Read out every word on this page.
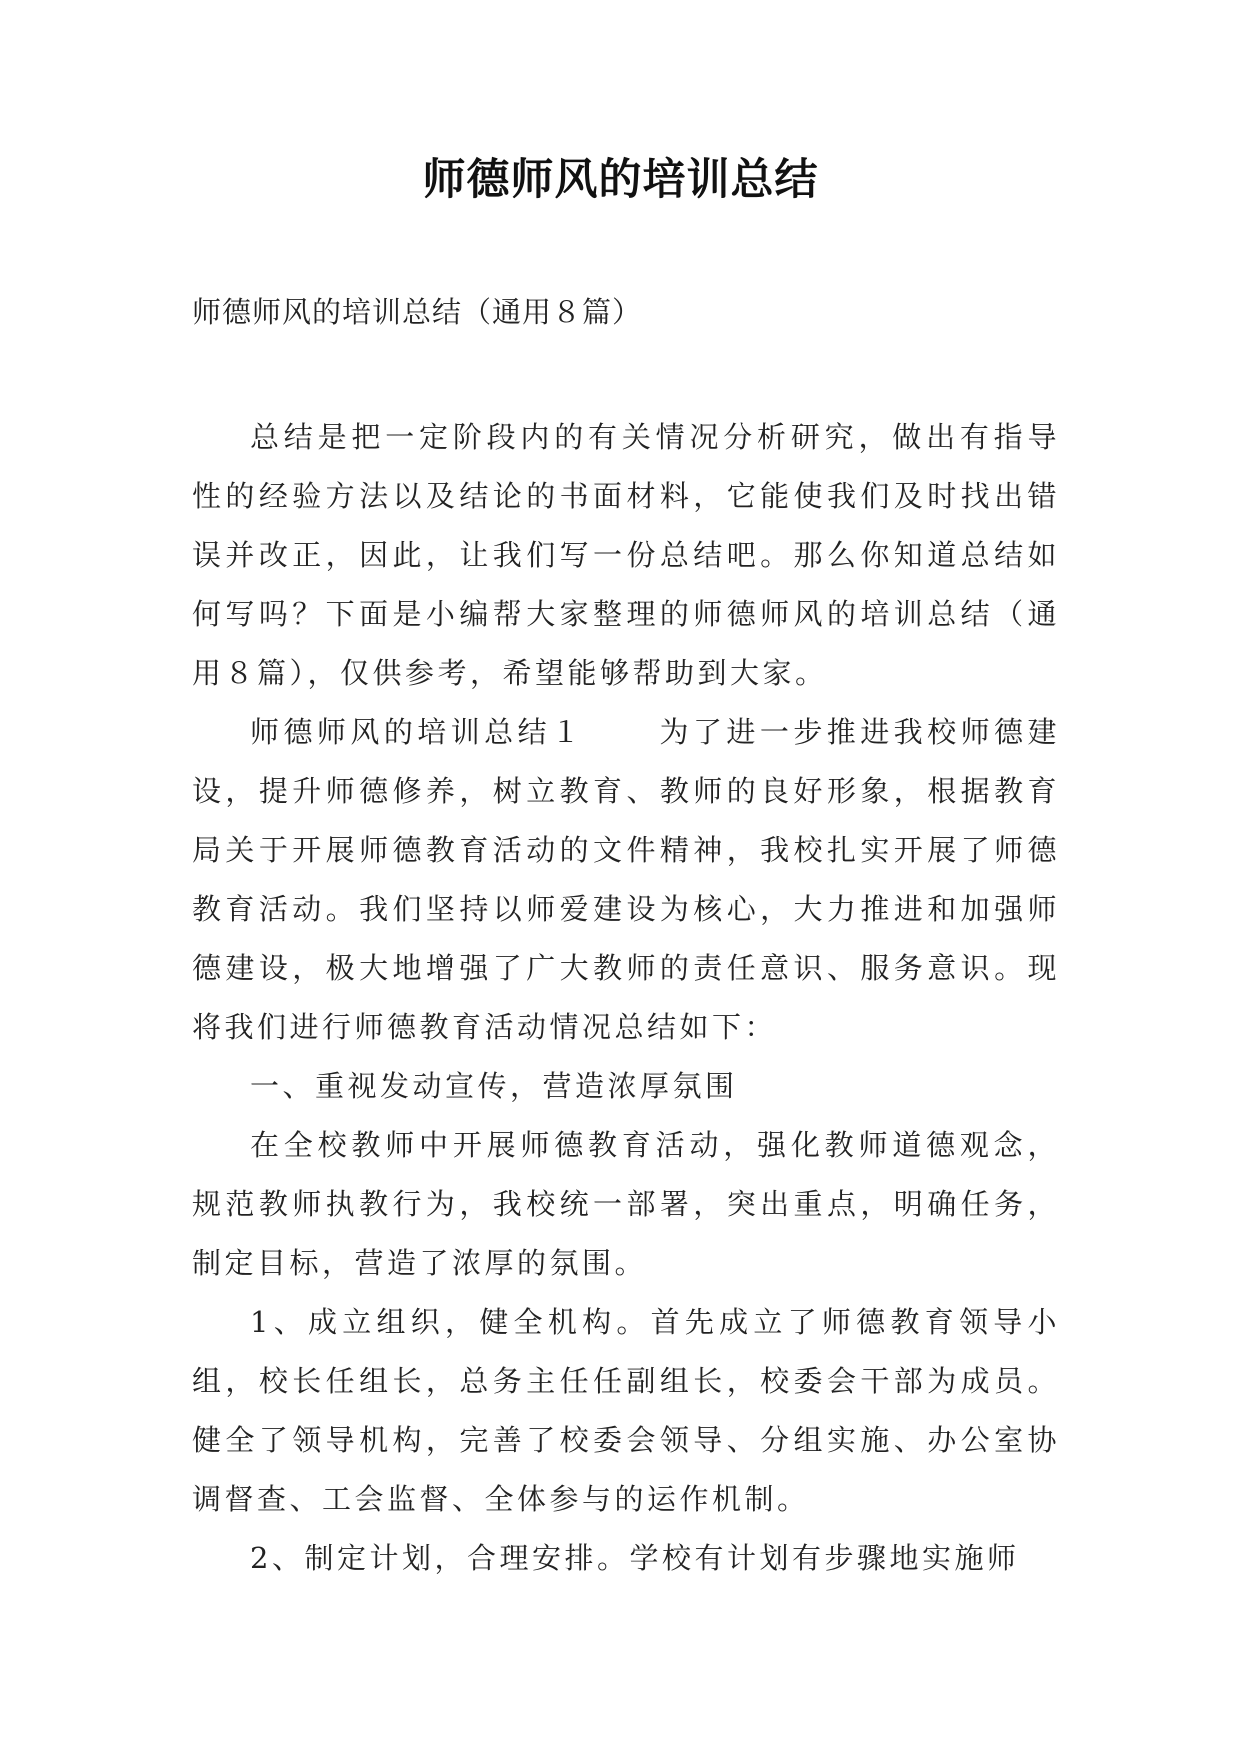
师德师风的培训总结

师德师风的培训总结（通用８篇）

总结是把一定阶段内的有关情况分析研究，做出有指导性的经验方法以及结论的书面材料，它能使我们及时找出错误并改正，因此，让我们写一份总结吧。那么你知道总结如何写吗？下面是小编帮大家整理的师德师风的培训总结（通用８篇），仅供参考，希望能够帮助到大家。

师德师风的培训总结１	为了进一步推进我校师德建设，提升师德修养，树立教育、教师的良好形象，根据教育局关于开展师德教育活动的文件精神，我校扎实开展了师德教育活动。我们坚持以师爱建设为核心，大力推进和加强师德建设，极大地增强了广大教师的责任意识、服务意识。现将我们进行师德教育活动情况总结如下：

一、重视发动宣传，营造浓厚氛围

在全校教师中开展师德教育活动，强化教师道德观念，规范教师执教行为，我校统一部署，突出重点，明确任务，制定目标，营造了浓厚的氛围。

1、成立组织，健全机构。首先成立了师德教育领导小组，校长任组长，总务主任任副组长，校委会干部为成员。健全了领导机构，完善了校委会领导、分组实施、办公室协调督查、工会监督、全体参与的运作机制。

2、制定计划，合理安排。学校有计划有步骤地实施师
